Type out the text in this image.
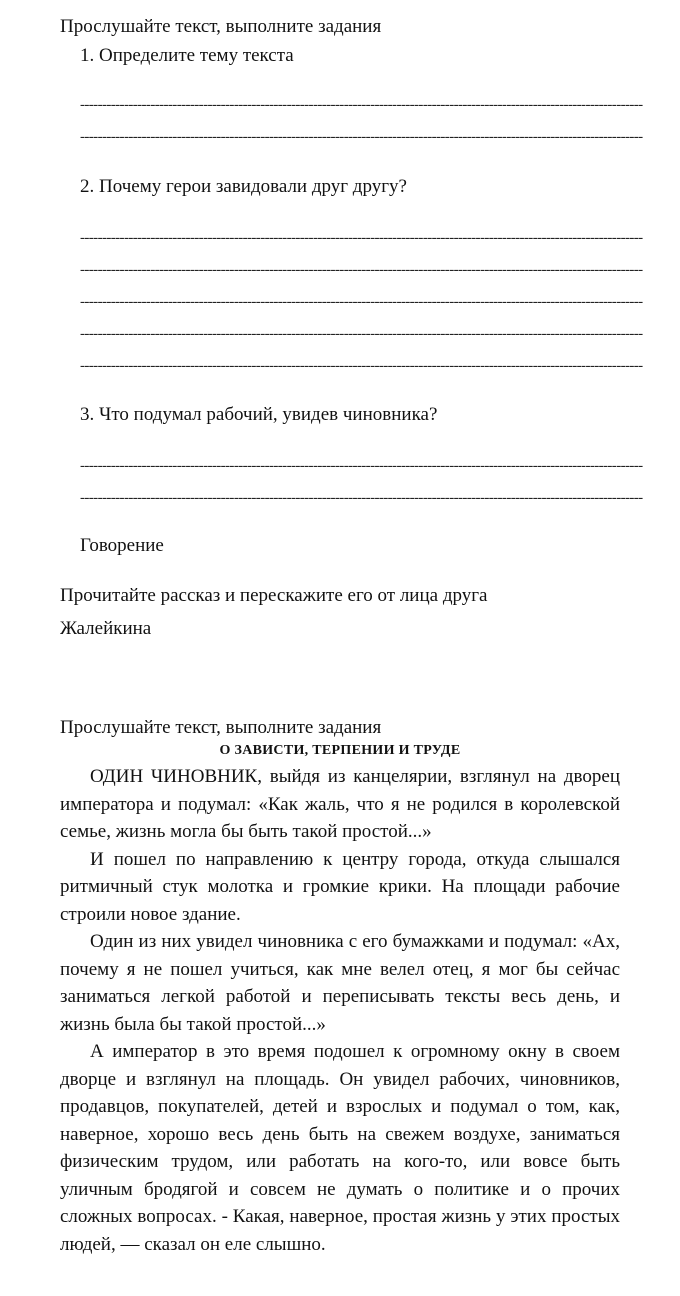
Прослушайте текст, выполните задания
1. Определите тему текста
--------------------------------------------------------------------------------------------------------------------------------
--------------------------------------------------------------------------------------------------------------------------------
2. Почему герои завидовали друг другу?
--------------------------------------------------------------------------------------------------------------------------------
--------------------------------------------------------------------------------------------------------------------------------
--------------------------------------------------------------------------------------------------------------------------------
--------------------------------------------------------------------------------------------------------------------------------
--------------------------------------------------------------------------------------------------------------------------------
3. Что подумал рабочий, увидев чиновника?
--------------------------------------------------------------------------------------------------------------------------------
--------------------------------------------------------------------------------------------------------------------------------
Говорение
Прочитайте рассказ и перескажите его от лица друга
Жалейкина
Прослушайте текст, выполните задания
О ЗАВИСТИ, ТЕРПЕНИИ И ТРУДЕ

ОДИН ЧИНОВНИК, выйдя из канцелярии, взглянул на дворец императора и подумал: «Как жаль, что я не родился в королевской семье, жизнь могла бы быть такой простой...»

И пошел по направлению к центру города, откуда слышался ритмичный стук молотка и громкие крики. На площади рабочие строили новое здание.

Один из них увидел чиновника с его бумажками и подумал: «Ах, почему я не пошел учиться, как мне велел отец, я мог бы сейчас заниматься легкой работой и переписывать тексты весь день, и жизнь была бы такой простой...»

А император в это время подошел к огромному окну в своем дворце и взглянул на площадь. Он увидел рабочих, чиновников, продавцов, покупателей, детей и взрослых и подумал о том, как, наверное, хорошо весь день быть на свежем воздухе, заниматься физическим трудом, или работать на кого-то, или вовсе быть уличным бродягой и совсем не думать о политике и о прочих сложных вопросах. - Какая, наверное, простая жизнь у этих простых людей, — сказал он еле слышно.
